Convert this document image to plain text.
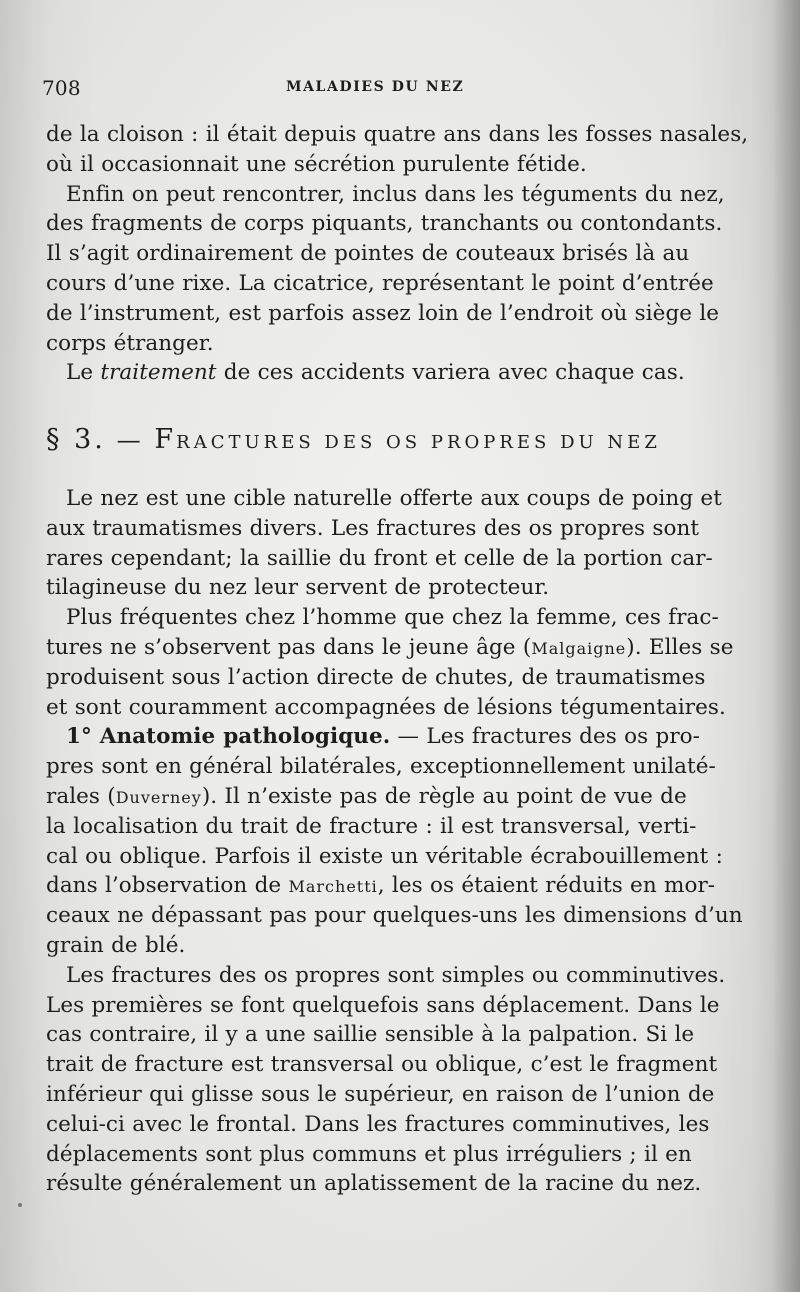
708	MALADIES DU NEZ
de la cloison : il était depuis quatre ans dans les fosses nasales,
où il occasionnait une sécrétion purulente fétide.
Enfin on peut rencontrer, inclus dans les téguments du nez,
des fragments de corps piquants, tranchants ou contondants.
Il s’agit ordinairement de pointes de couteaux brisés là au
cours d’une rixe. La cicatrice, représentant le point d’entrée
de l’instrument, est parfois assez loin de l’endroit où siège le
corps étranger.
Le traitement de ces accidents variera avec chaque cas.
§ 3. — FRACTURES DES OS PROPRES DU NEZ
Le nez est une cible naturelle offerte aux coups de poing et
aux traumatismes divers. Les fractures des os propres sont
rares cependant; la saillie du front et celle de la portion car-
tilagineuse du nez leur servent de protecteur.
Plus fréquentes chez l’homme que chez la femme, ces frac-
tures ne s’observent pas dans le jeune âge (Malgaigne). Elles se
produisent sous l’action directe de chutes, de traumatismes
et sont couramment accompagnées de lésions tégumentaires.
1° Anatomie pathologique. — Les fractures des os pro-
pres sont en général bilatérales, exceptionnellement unilaté-
rales (Duverney). Il n’existe pas de règle au point de vue de
la localisation du trait de fracture : il est transversal, verti-
cal ou oblique. Parfois il existe un véritable écrabouillement :
dans l’observation de Marchetti, les os étaient réduits en mor-
ceaux ne dépassant pas pour quelques-uns les dimensions d’un
grain de blé.
Les fractures des os propres sont simples ou comminutives.
Les premières se font quelquefois sans déplacement. Dans le
cas contraire, il y a une saillie sensible à la palpation. Si le
trait de fracture est transversal ou oblique, c’est le fragment
inférieur qui glisse sous le supérieur, en raison de l’union de
celui-ci avec le frontal. Dans les fractures comminutives, les
déplacements sont plus communs et plus irréguliers ; il en
résulte généralement un aplatissement de la racine du nez.
